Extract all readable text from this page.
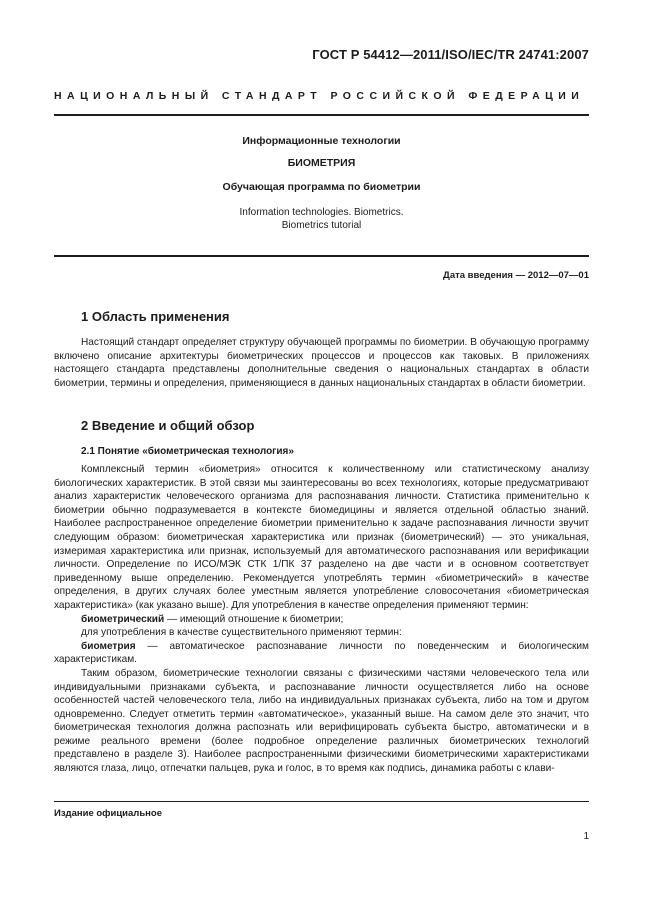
ГОСТ Р 54412—2011/ISO/IEC/TR 24741:2007
НАЦИОНАЛЬНЫЙ СТАНДАРТ РОССИЙСКОЙ ФЕДЕРАЦИИ
Информационные технологии
БИОМЕТРИЯ
Обучающая программа по биометрии
Information technologies. Biometrics.
Biometrics tutorial
Дата введения — 2012—07—01
1 Область применения

Настоящий стандарт определяет структуру обучающей программы по биометрии. В обучающую программу включено описание архитектуры биометрических процессов и процессов как таковых. В приложениях настоящего стандарта представлены дополнительные сведения о национальных стандартах в области биометрии, термины и определения, применяющиеся в данных национальных стандартах в области биометрии.

2 Введение и общий обзор
2.1 Понятие «биометрическая технология»

Комплексный термин «биометрия» относится к количественному или статистическому анализу биологических характеристик. В этой связи мы заинтересованы во всех технологиях, которые предусматривают анализ характеристик человеческого организма для распознавания личности. Статистика применительно к биометрии обычно подразумевается в контексте биомедицины и является отдельной областью знаний. Наиболее распространенное определение биометрии применительно к задаче распознавания личности звучит следующим образом: биометрическая характеристика или признак (биометрический) — это уникальная, измеримая характеристика или признак, используемый для автоматического распознавания или верификации личности. Определение по ИСО/МЭК СТК 1/ПК 37 разделено на две части и в основном соответствует приведенному выше определению. Рекомендуется употреблять термин «биометрический» в качестве определения, в других случаях более уместным является употребление словосочетания «биометрическая характеристика» (как указано выше). Для употребления в качестве определения применяют термин:

биометрический — имеющий отношение к биометрии;

для употребления в качестве существительного применяют термин:

биометрия — автоматическое распознавание личности по поведенческим и биологическим характеристикам.

Таким образом, биометрические технологии связаны с физическими частями человеческого тела или индивидуальными признаками субъекта, и распознавание личности осуществляется либо на основе особенностей частей человеческого тела, либо на индивидуальных признаках субъекта, либо на том и другом одновременно. Следует отметить термин «автоматическое», указанный выше. На самом деле это значит, что биометрическая технология должна распознать или верифицировать субъекта быстро, автоматически и в режиме реального времени (более подробное определение различных биометрических технологий представлено в разделе 3). Наиболее распространенными физическими биометрическими характеристиками являются глаза, лицо, отпечатки пальцев, рука и голос, в то время как подпись, динамика работы с клави-

Издание официальное
1
